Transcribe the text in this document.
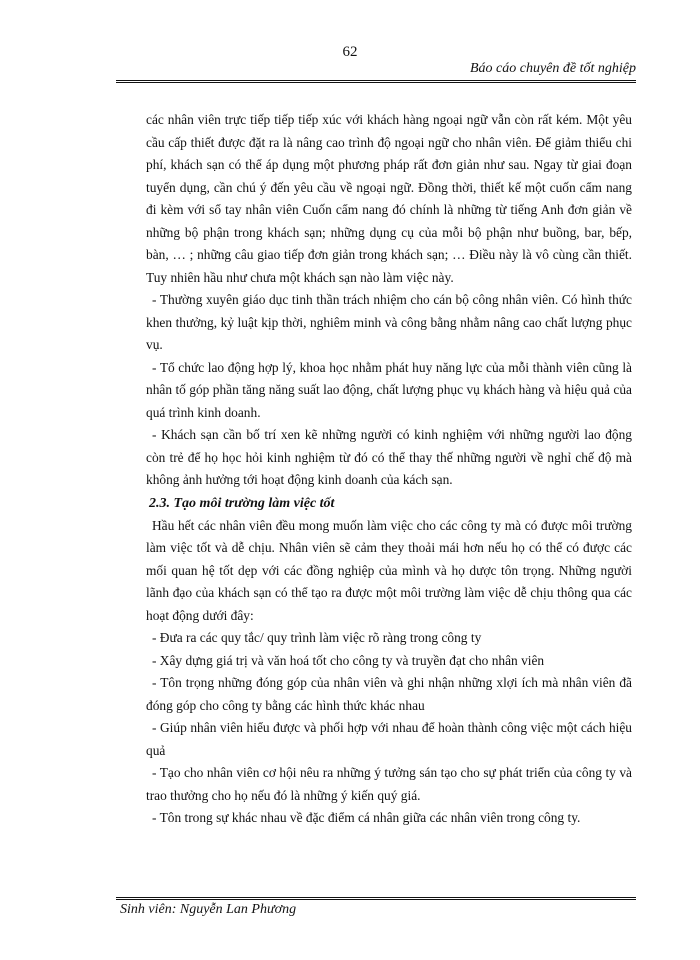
62
Báo cáo chuyên đề tốt nghiệp

các nhân viên trực tiếp tiếp tiếp xúc với khách hàng ngoại ngữ vẫn còn rất kém. Một yêu cầu cấp thiết được đặt ra là nâng cao trình độ ngoại ngữ cho nhân viên. Để giảm thiểu chi phí, khách sạn có thể áp dụng một phương pháp rất đơn giản như sau. Ngay từ giai đoạn tuyển dụng, cần chú ý đến yêu cầu về ngoại ngữ. Đồng thời, thiết kế một cuốn cẩm nang đi kèm với sổ tay nhân viên Cuốn cẩm nang đó chính là những từ tiếng Anh đơn giản về những bộ phận trong khách sạn; những dụng cụ của mỗi bộ phận như buồng, bar, bếp, bàn, … ; những câu giao tiếp đơn giản trong khách sạn; … Điều này là vô cùng cần thiết. Tuy nhiên hầu như chưa một khách sạn nào làm việc này.

- Thường xuyên giáo dục tinh thần trách nhiệm cho cán bộ công nhân viên. Có hình thức khen thưởng, kỷ luật kịp thời, nghiêm minh và công bằng nhằm nâng cao chất lượng phục vụ.

- Tổ chức lao động hợp lý, khoa học nhằm phát huy năng lực của mỗi thành viên cũng là nhân tố góp phần tăng năng suất lao động, chất lượng phục vụ khách hàng và hiệu quả của quá trình kinh doanh.

- Khách sạn cần bố trí xen kẽ những người có kinh nghiệm với những người lao động còn trẻ để họ học hỏi kinh nghiệm từ đó có thể thay thế những người về nghỉ chế độ mà không ảnh hưởng tới hoạt động kinh doanh của kách sạn.

2.3. Tạo môi trường làm việc tốt

Hầu hết các nhân viên đều mong muốn làm việc cho các công ty mà có được môi trường làm việc tốt và dễ chịu. Nhân viên sẽ cảm they thoải mái hơn nếu họ có thể có được các mối quan hệ tốt dẹp với các đồng nghiệp của mình và họ dược tôn trọng. Những người lãnh đạo của khách sạn có thể tạo ra được một môi trường làm việc dễ chịu thông qua các hoạt động dưới đây:

- Đưa ra các quy tắc/ quy trình làm việc rõ ràng trong công ty

- Xây dựng giá trị và văn hoá tốt cho công ty và truyền đạt cho nhân viên

- Tôn trọng những đóng góp của nhân viên và ghi nhận những xlợi ích mà nhân viên đã đóng góp cho công ty bằng các hình thức khác nhau

- Giúp nhân viên hiểu được và phối hợp với nhau để hoàn thành công việc một cách hiệu quả

- Tạo cho nhân viên cơ hội nêu ra những ý tưởng sán tạo cho sự phát triển của công ty và trao thưởng cho họ nếu đó là những ý kiến quý giá.

- Tôn trong sự khác nhau về đặc điểm cá nhân giữa các nhân viên trong công ty.

Sinh viên: Nguyễn Lan Phương
